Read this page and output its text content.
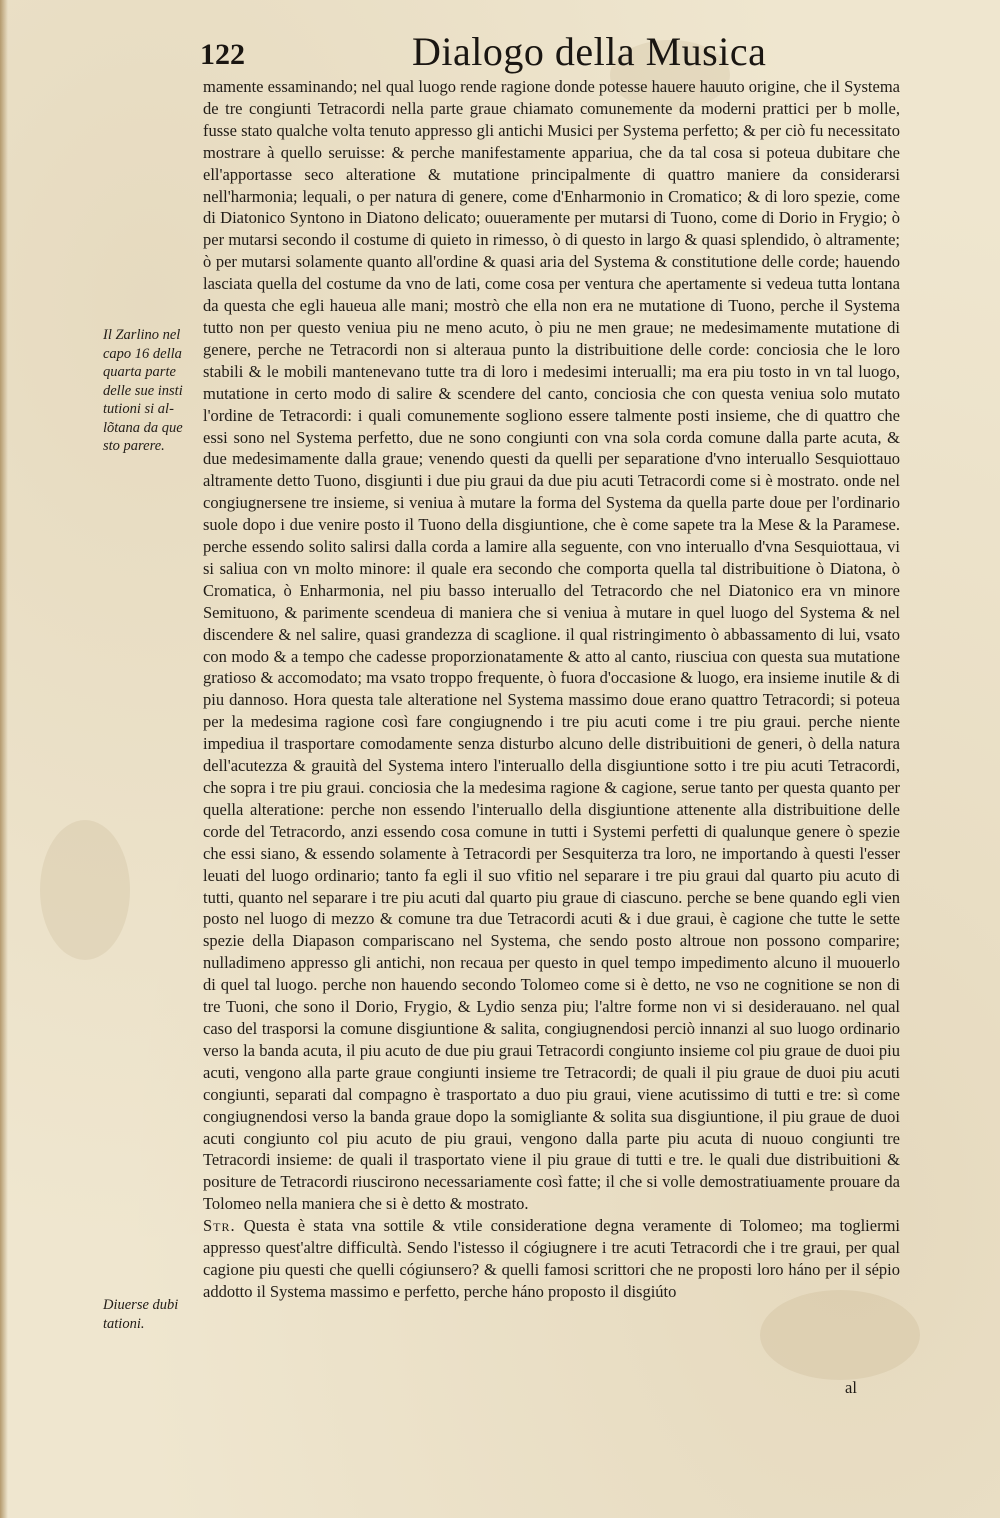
122	Dialogo della Musica
Il Zarlino nel capo 16 della quarta parte delle sue insti tutioni si al-lõtana da que sto parere.
Diuerse dubi tationi.

mamente essaminando; nel qual luogo rende ragione donde potesse hauere hauuto origine, che il Systema de tre congiunti Tetracordi nella parte graue chiamato comunemente da moderni prattici per b molle, fusse stato qualche volta tenuto appresso gli antichi Musici per Systema perfetto; & per ciò fu necessitato mostrare à quello seruisse: & perche manifestamente appariua, che da tal cosa si poteua dubitare che ell'apportasse seco alteratione & mutatione principalmente di quattro maniere da considerarsi nell'harmonia; lequali, o per natura di genere, come d'Enharmonio in Cromatico; & di loro spezie, come di Diatonico Syntono in Diatono delicato; ouueramente per mutarsi di Tuono, come di Dorio in Frygio; ò per mutarsi secondo il costume di quieto in rimesso, ò di questo in largo & quasi splendido, ò altramente; ò per mutarsi solamente quanto all'ordine & quasi aria del Systema & constitutione delle corde; hauendo lasciata quella del costume da vno de lati, come cosa per ventura che apertamente si vedeua tutta lontana da questa che egli haueua alle mani; mostrò che ella non era ne mutatione di Tuono, perche il Systema tutto non per questo veniua piu ne meno acuto, ò piu ne men graue; ne medesimamente mutatione di genere, perche ne Tetracordi non si alteraua punto la distribuitione delle corde: conciosia che le loro stabili & le mobili mantenevano tutte tra di loro i medesimi interualli; ma era piu tosto in vn tal luogo, mutatione in certo modo di salire & scendere del canto, conciosia che con questa veniua solo mutato l'ordine de Tetracordi: i quali comunemente sogliono essere talmente posti insieme, che di quattro che essi sono nel Systema perfetto, due ne sono congiunti con vna sola corda comune dalla parte acuta, & due medesimamente dalla graue; venendo questi da quelli per separatione d'vno interuallo Sesquiottauo altramente detto Tuono, disgiunti i due piu graui da due piu acuti Tetracordi come si è mostrato. onde nel congiugnersene tre insieme, si veniua à mutare la forma del Systema da quella parte doue per l'ordinario suole dopo i due venire posto il Tuono della disgiuntione, che è come sapete tra la Mese & la Paramese. perche essendo solito salirsi dalla corda a lamire alla seguente, con vno interuallo d'vna Sesquiottaua, vi si saliua con vn molto minore: il quale era secondo che comporta quella tal distribuitione ò Diatona, ò Cromatica, ò Enharmonia, nel piu basso interuallo del Tetracordo che nel Diatonico era vn minore Semituono, & parimente scendeua di maniera che si veniua à mutare in quel luogo del Systema & nel discendere & nel salire, quasi grandezza di scaglione. il qual ristringimento ò abbassamento di lui, vsato con modo & a tempo che cadesse proporzionatamente & atto al canto, riusciua con questa sua mutatione gratioso & accomodato; ma vsato troppo frequente, ò fuora d'occasione & luogo, era insieme inutile & di piu dannoso. Hora questa tale alteratione nel Systema massimo doue erano quattro Tetracordi; si poteua per la medesima ragione così fare congiugnendo i tre piu acuti come i tre piu graui. perche niente impediua il trasportare comodamente senza disturbo alcuno delle distribuitioni de generi, ò della natura dell'acutezza & grauità del Systema intero l'interuallo della disgiuntione sotto i tre piu acuti Tetracordi, che sopra i tre piu graui. conciosia che la medesima ragione & cagione, serue tanto per questa quanto per quella alteratione: perche non essendo l'interuallo della disgiuntione attenente alla distribuitione delle corde del Tetracordo, anzi essendo cosa comune in tutti i Systemi perfetti di qualunque genere ò spezie che essi siano, & essendo solamente à Tetracordi per Sesquiterza tra loro, ne importando à questi l'esser leuati del luogo ordinario; tanto fa egli il suo vfitio nel separare i tre piu graui dal quarto piu acuto di tutti, quanto nel separare i tre piu acuti dal quarto piu graue di ciascuno. perche se bene quando egli vien posto nel luogo di mezzo & comune tra due Tetracordi acuti & i due graui, è cagione che tutte le sette spezie della Diapason compariscano nel Systema, che sendo posto altroue non possono comparire; nulladimeno appresso gli antichi, non recaua per questo in quel tempo impedimento alcuno il muouerlo di quel tal luogo. perche non hauendo secondo Tolomeo come si è detto, ne vso ne cognitione se non di tre Tuoni, che sono il Dorio, Frygio, & Lydio senza piu; l'altre forme non vi si desiderauano. nel qual caso del trasporsi la comune disgiuntione & salita, congiugnendosi perciò innanzi al suo luogo ordinario verso la banda acuta, il piu acuto de due piu graui Tetracordi congiunto insieme col piu graue de duoi piu acuti, vengono alla parte graue congiunti insieme tre Tetracordi; de quali il piu graue de duoi piu acuti congiunti, separati dal compagno è trasportato a duo piu graui, viene acutissimo di tutti e tre: sì come congiugnendosi verso la banda graue dopo la somigliante & solita sua disgiuntione, il piu graue de duoi acuti congiunto col piu acuto de piu graui, vengono dalla parte piu acuta di nuouo congiunti tre Tetracordi insieme: de quali il trasportato viene il piu graue di tutti e tre. le quali due distribuitioni & positure de Tetracordi riuscirono necessariamente così fatte; il che si volle demostratiuamente prouare da Tolomeo nella maniera che si è detto & mostrato.

Str. Questa è stata vna sottile & vtile consideratione degna veramente di Tolomeo; ma togliermi appresso quest'altre difficultà. Sendo l'istesso il cógiugnere i tre acuti Tetracordi che i tre graui, per qual cagione piu questi che quelli cógiunsero? & quelli famosi scrittori che ne proposti loro háno per il sépio addotto il Systema massimo e perfetto, perche háno proposto il disgiúto

al
